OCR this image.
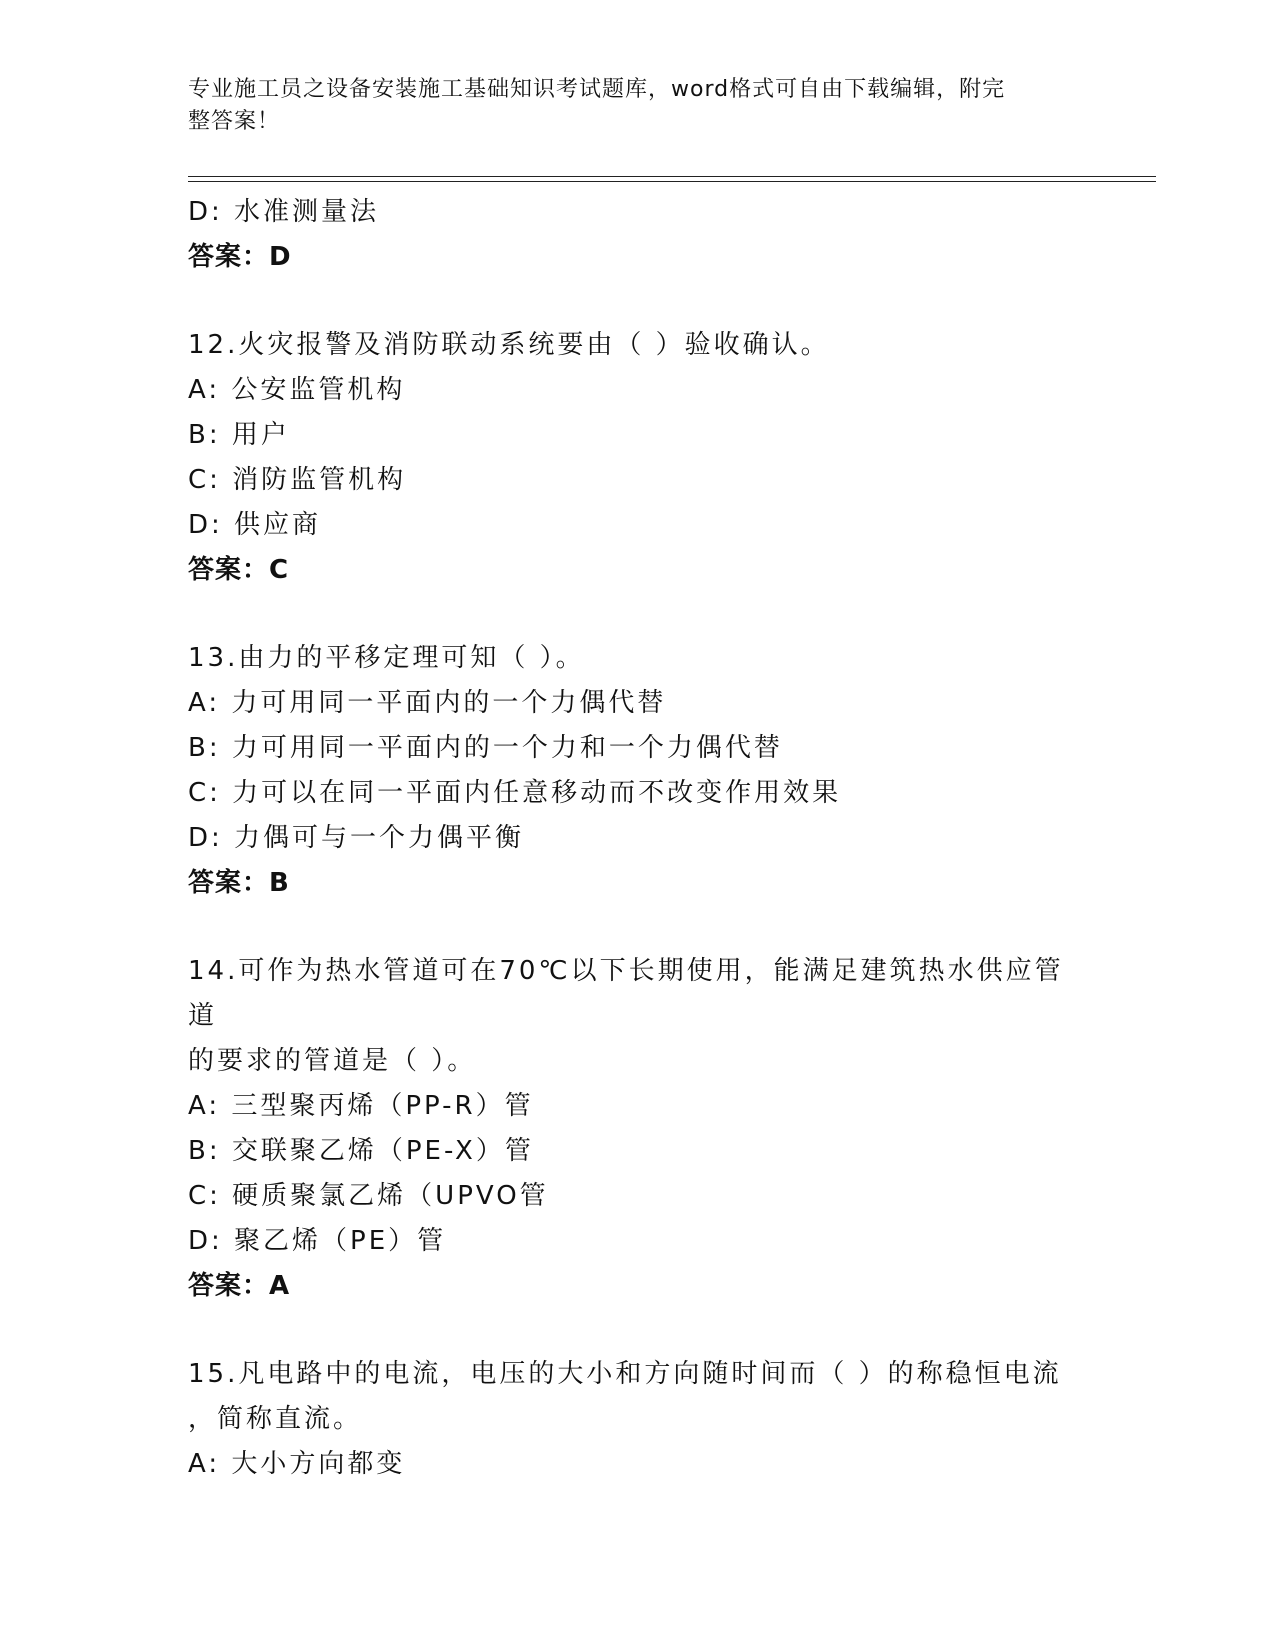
专业施工员之设备安装施工基础知识考试题库，word格式可自由下载编辑，附完
整答案！
D: 水准测量法
答案：D
12.火灾报警及消防联动系统要由（ ）验收确认。
A: 公安监管机构
B: 用户
C: 消防监管机构
D: 供应商
答案：C
13.由力的平移定理可知（ ）。
A: 力可用同一平面内的一个力偶代替
B: 力可用同一平面内的一个力和一个力偶代替
C: 力可以在同一平面内任意移动而不改变作用效果
D: 力偶可与一个力偶平衡
答案：B
14.可作为热水管道可在70℃以下长期使用，能满足建筑热水供应管道
的要求的管道是（ ）。
A: 三型聚丙烯（PP-R）管
B: 交联聚乙烯（PE-X）管
C: 硬质聚氯乙烯（UPVO管
D: 聚乙烯（PE）管
答案：A
15.凡电路中的电流，电压的大小和方向随时间而（ ）的称稳恒电流
，简称直流。
A: 大小方向都变
